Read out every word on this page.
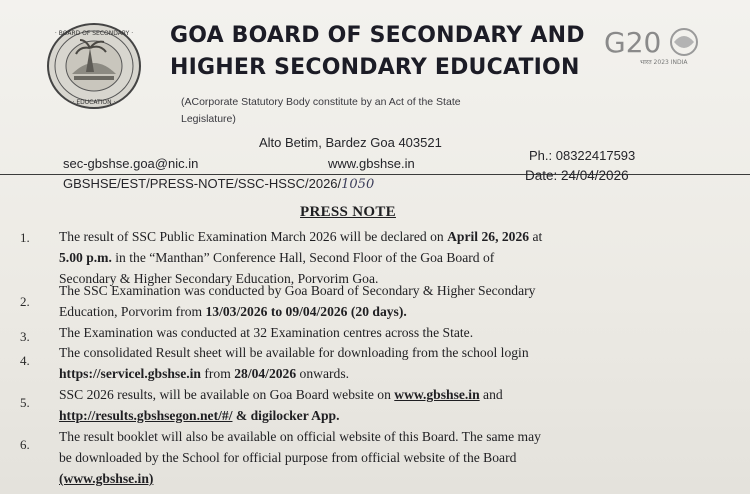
· BOARD OF SECONDARY ·
· EDUCATION ·
GOA BOARD OF SECONDARY AND
HIGHER SECONDARY EDUCATION
G20
भारत 2023 INDIA
(ACorporate Statutory Body constitute by an Act of the State
Legislature)
Alto Betim, Bardez Goa 403521
sec-gbshse.goa@nic.in	www.gbshse.in
Ph.: 08322417593
GBSHSE/EST/PRESS-NOTE/SSC-HSSC/2026/1050
Date: 24/04/2026
PRESS NOTE
1.	The result of SSC Public Examination March 2026 will be declared on April 26, 2026 at
5.00 p.m. in the “Manthan” Conference Hall, Second Floor of the Goa Board of
Secondary & Higher Secondary Education, Porvorim Goa.
2.
The SSC Examination was conducted by Goa Board of Secondary & Higher Secondary
Education, Porvorim from 13/03/2026 to 09/04/2026 (20 days).
3.	The Examination was conducted at 32 Examination centres across the State.
4.
The consolidated Result sheet will be available for downloading from the school login
https://servicel.gbshse.in from 28/04/2026 onwards.
5.
SSC 2026 results, will be available on Goa Board website on www.gbshse.in and
http://results.gbshsegon.net/#/ & digilocker App.
6.
The result booklet will also be available on official website of this Board. The same may
be downloaded by the School for official purpose from official website of the Board
(www.gbshse.in)
